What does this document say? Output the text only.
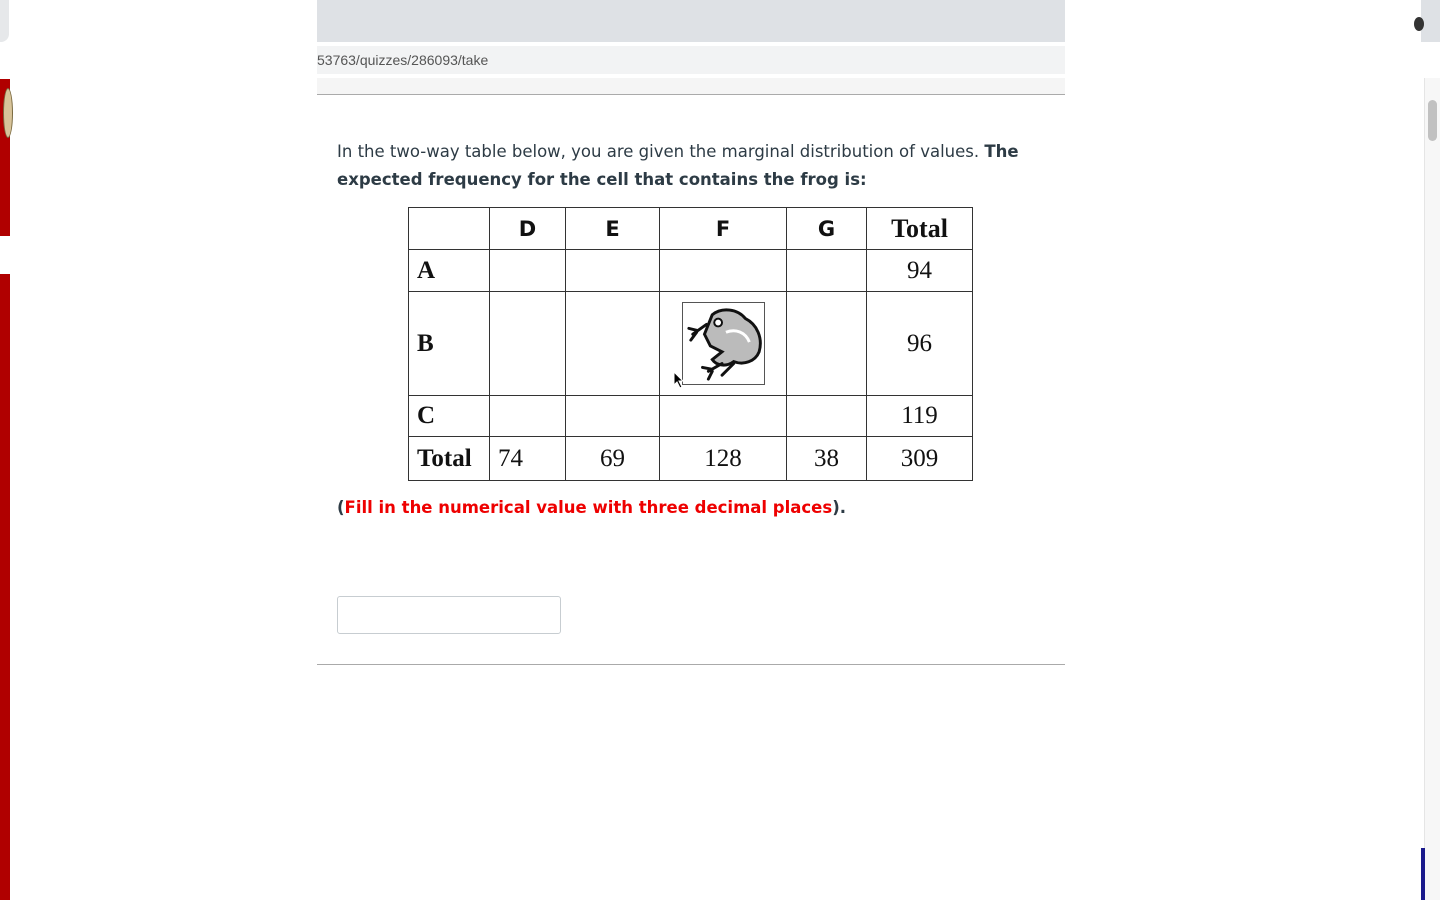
53763/quizzes/286093/take
In the two-way table below, you are given the marginal distribution of values. The expected frequency for the cell that contains the frog is:
	D	E	F	G	Total
A					94
B					96
C					119
Total	74	69	128	38	309
(Fill in the numerical value with three decimal places).
